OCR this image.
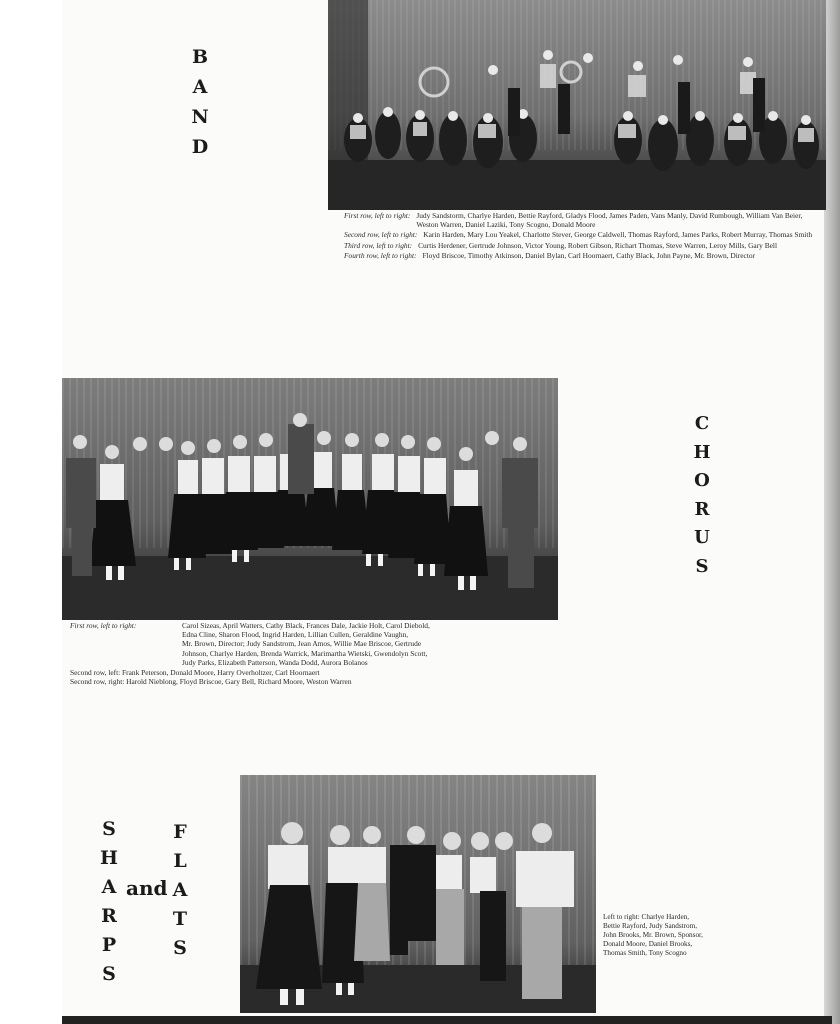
B
A
N
D
First row, left to right: Judy Sandstorm, Charlye Harden, Bettie Rayford, Gladys Flood, James Paden, Vans Manly, David Rumbough, William Van Beier, Weston Warren, Daniel Laziki, Tony Scogno, Donald Moore
Second row, left to right: Karin Harden, Mary Lou Yeakel, Charlotte Stever, George Caldwell, Thomas Rayford, James Parks, Robert Murray, Thomas Smith
Third row, left to right: Curtis Herdener, Gertrude Johnson, Victor Young, Robert Gibson, Richart Thomas, Steve Warren, Leroy Mills, Gary Bell
Fourth row, left to right: Floyd Briscoe, Timothy Atkinson, Daniel Bylan, Carl Hoornaert, Cathy Black, John Payne, Mr. Brown, Director
C
H
O
R
U
S
First row, left to right:	Carol Sizeas, April Watters, Cathy Black, Frances Dale, Jackie Holt, Carol Diebold,
Edna Cline, Sharon Flood, Ingrid Harden, Lillian Cullen, Geraldine Vaughn,
Mr. Brown, Director; Judy Sandstrom, Jean Amos, Willie Mae Briscoe, Gertrude
Johnson, Charlye Harden, Brenda Warrick, Marimartha Wietski, Gwendolyn Scott,
Judy Parks, Elizabeth Patterson, Wanda Dodd, Aurora Bolanos
Second row, left: Frank Peterson, Donald Moore, Harry Overholtzer, Carl Hoornaert
Second row, right: Harold Nieblong, Floyd Briscoe, Gary Bell, Richard Moore, Weston Warren
S
H
A
R
P
S
and
F
L
A
T
S
Left to right: Charlye Harden,
Bettie Rayford, Judy Sandstrom,
John Brooks, Mr. Brown, Sponsor,
Donald Moore, Daniel Brooks,
Thomas Smith, Tony Scogno
